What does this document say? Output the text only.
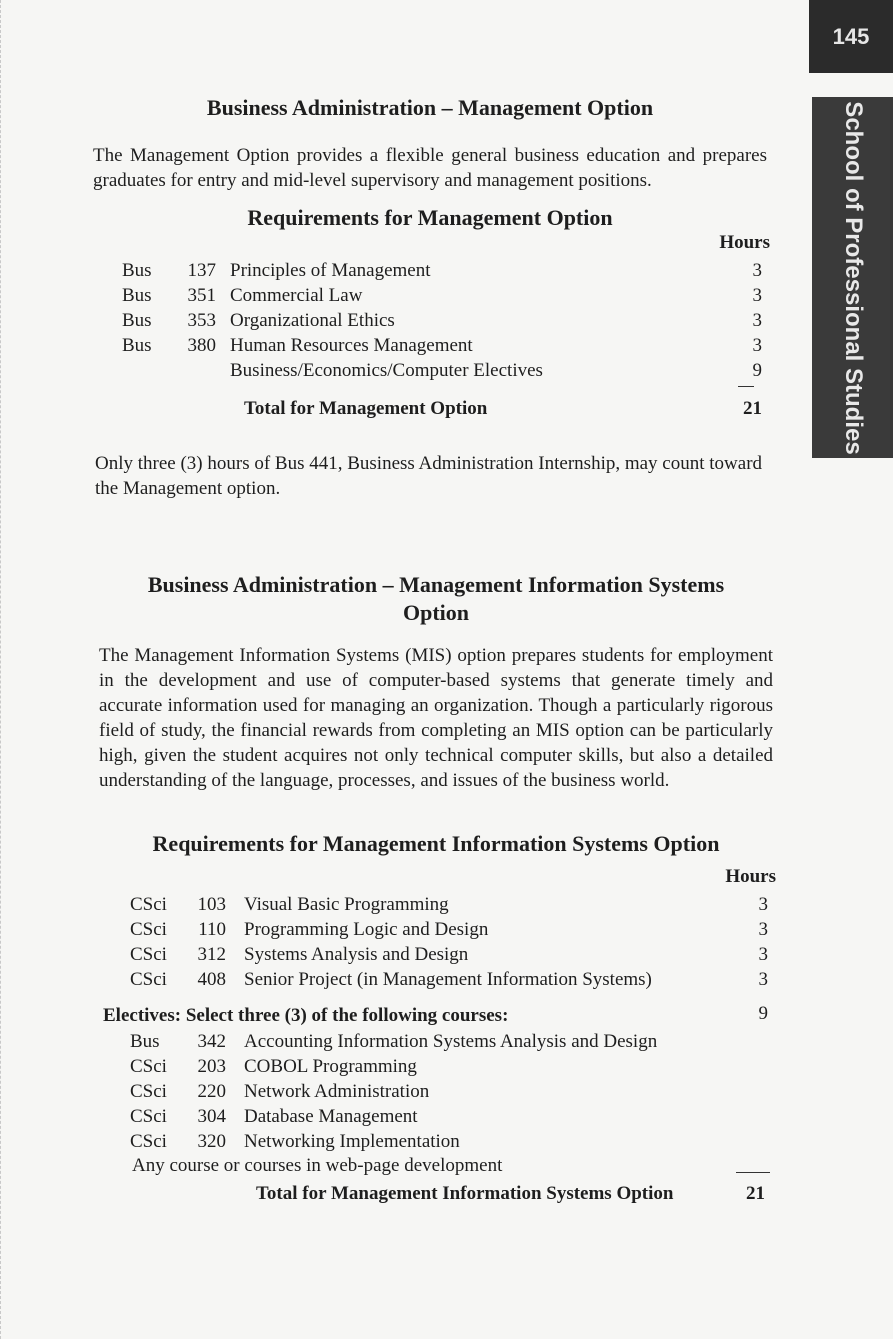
145
School of Professional Studies
Business Administration – Management Option

The Management Option provides a flexible general business education and prepares graduates for entry and mid-level supervisory and management positions.

Requirements for Management Option
Hours
Bus	137	Principles of Management	3
Bus	351	Commercial Law	3
Bus	353	Organizational Ethics	3
Bus	380	Human Resources Management	3
		Business/Economics/Computer Electives	9
Total for Management Option	21

Only three (3) hours of Bus 441, Business Administration Internship, may count toward the Management option.

Business Administration – Management Information Systems
Option

The Management Information Systems (MIS) option prepares students for employment in the development and use of computer-based systems that generate timely and accurate information used for managing an organization. Though a particularly rigorous field of study, the financial rewards from completing an MIS option can be particularly high, given the student acquires not only technical computer skills, but also a detailed understanding of the language, processes, and issues of the business world.

Requirements for Management Information Systems Option
Hours
CSci	103	Visual Basic Programming	3
CSci	110	Programming Logic and Design	3
CSci	312	Systems Analysis and Design	3
CSci	408	Senior Project (in Management Information Systems)	3
Electives: Select three (3) of the following courses:	9
Bus	342	Accounting Information Systems Analysis and Design
CSci	203	COBOL Programming
CSci	220	Network Administration
CSci	304	Database Management
CSci	320	Networking Implementation
Any course or courses in web-page development
Total for Management Information Systems Option	21
